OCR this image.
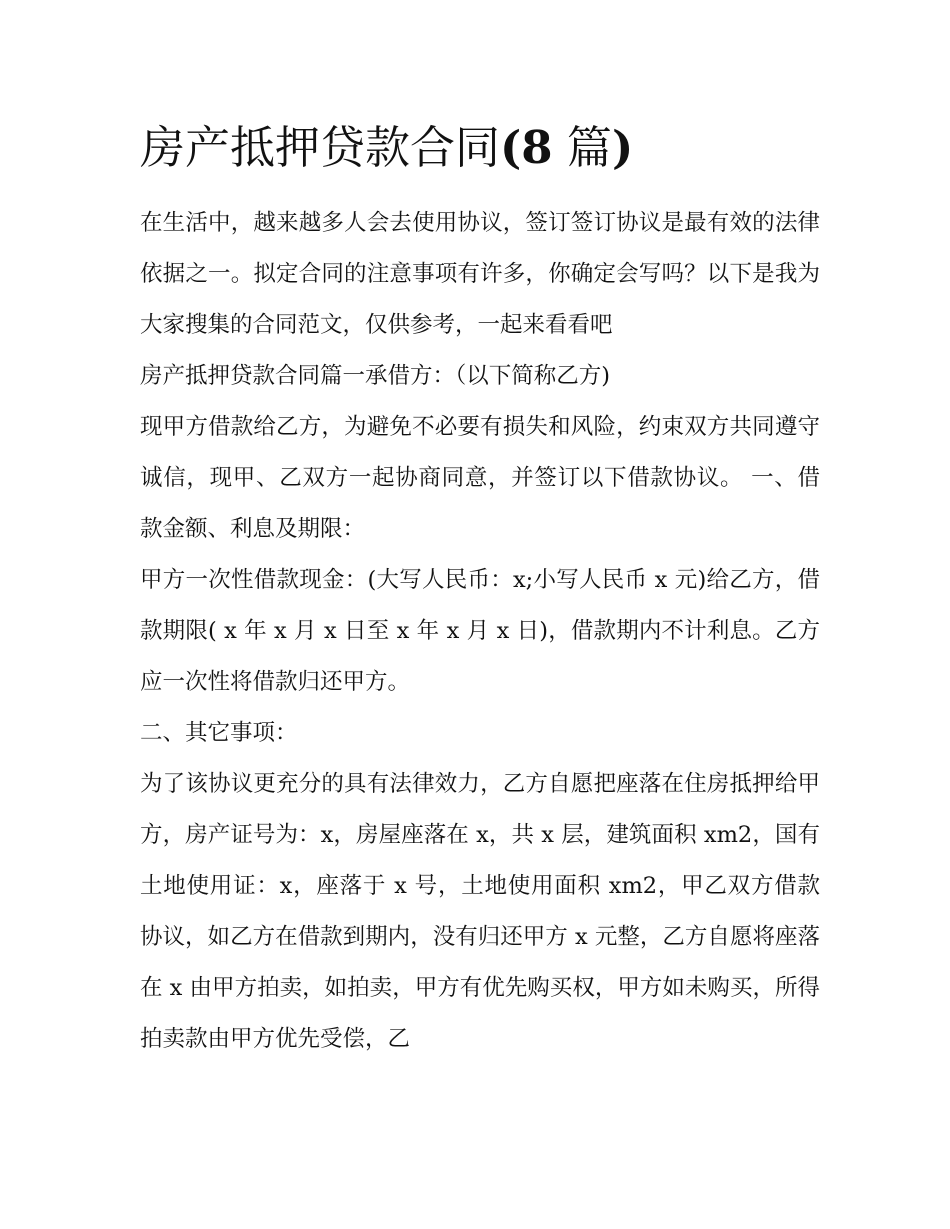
房产抵押贷款合同(8 篇)

在生活中，越来越多人会去使用协议，签订签订协议是最有效的法律依据之一。拟定合同的注意事项有许多，你确定会写吗？以下是我为大家搜集的合同范文，仅供参考，一起来看看吧

房产抵押贷款合同篇一承借方：（以下简称乙方)

现甲方借款给乙方，为避免不必要有损失和风险，约束双方共同遵守诚信，现甲、乙双方一起协商同意，并签订以下借款协议。 一、借款金额、利息及期限：

甲方一次性借款现金：(大写人民币：x;小写人民币 x 元)给乙方，借款期限( x 年 x 月 x 日至 x 年 x 月 x 日)，借款期内不计利息。乙方应一次性将借款归还甲方。

二、其它事项：

为了该协议更充分的具有法律效力，乙方自愿把座落在住房抵押给甲方，房产证号为：x，房屋座落在 x，共 x 层，建筑面积 xm2，国有土地使用证：x，座落于 x 号，土地使用面积 xm2，甲乙双方借款协议，如乙方在借款到期内，没有归还甲方 x 元整，乙方自愿将座落在 x 由甲方拍卖，如拍卖，甲方有优先购买权，甲方如未购买，所得拍卖款由甲方优先受偿，乙
